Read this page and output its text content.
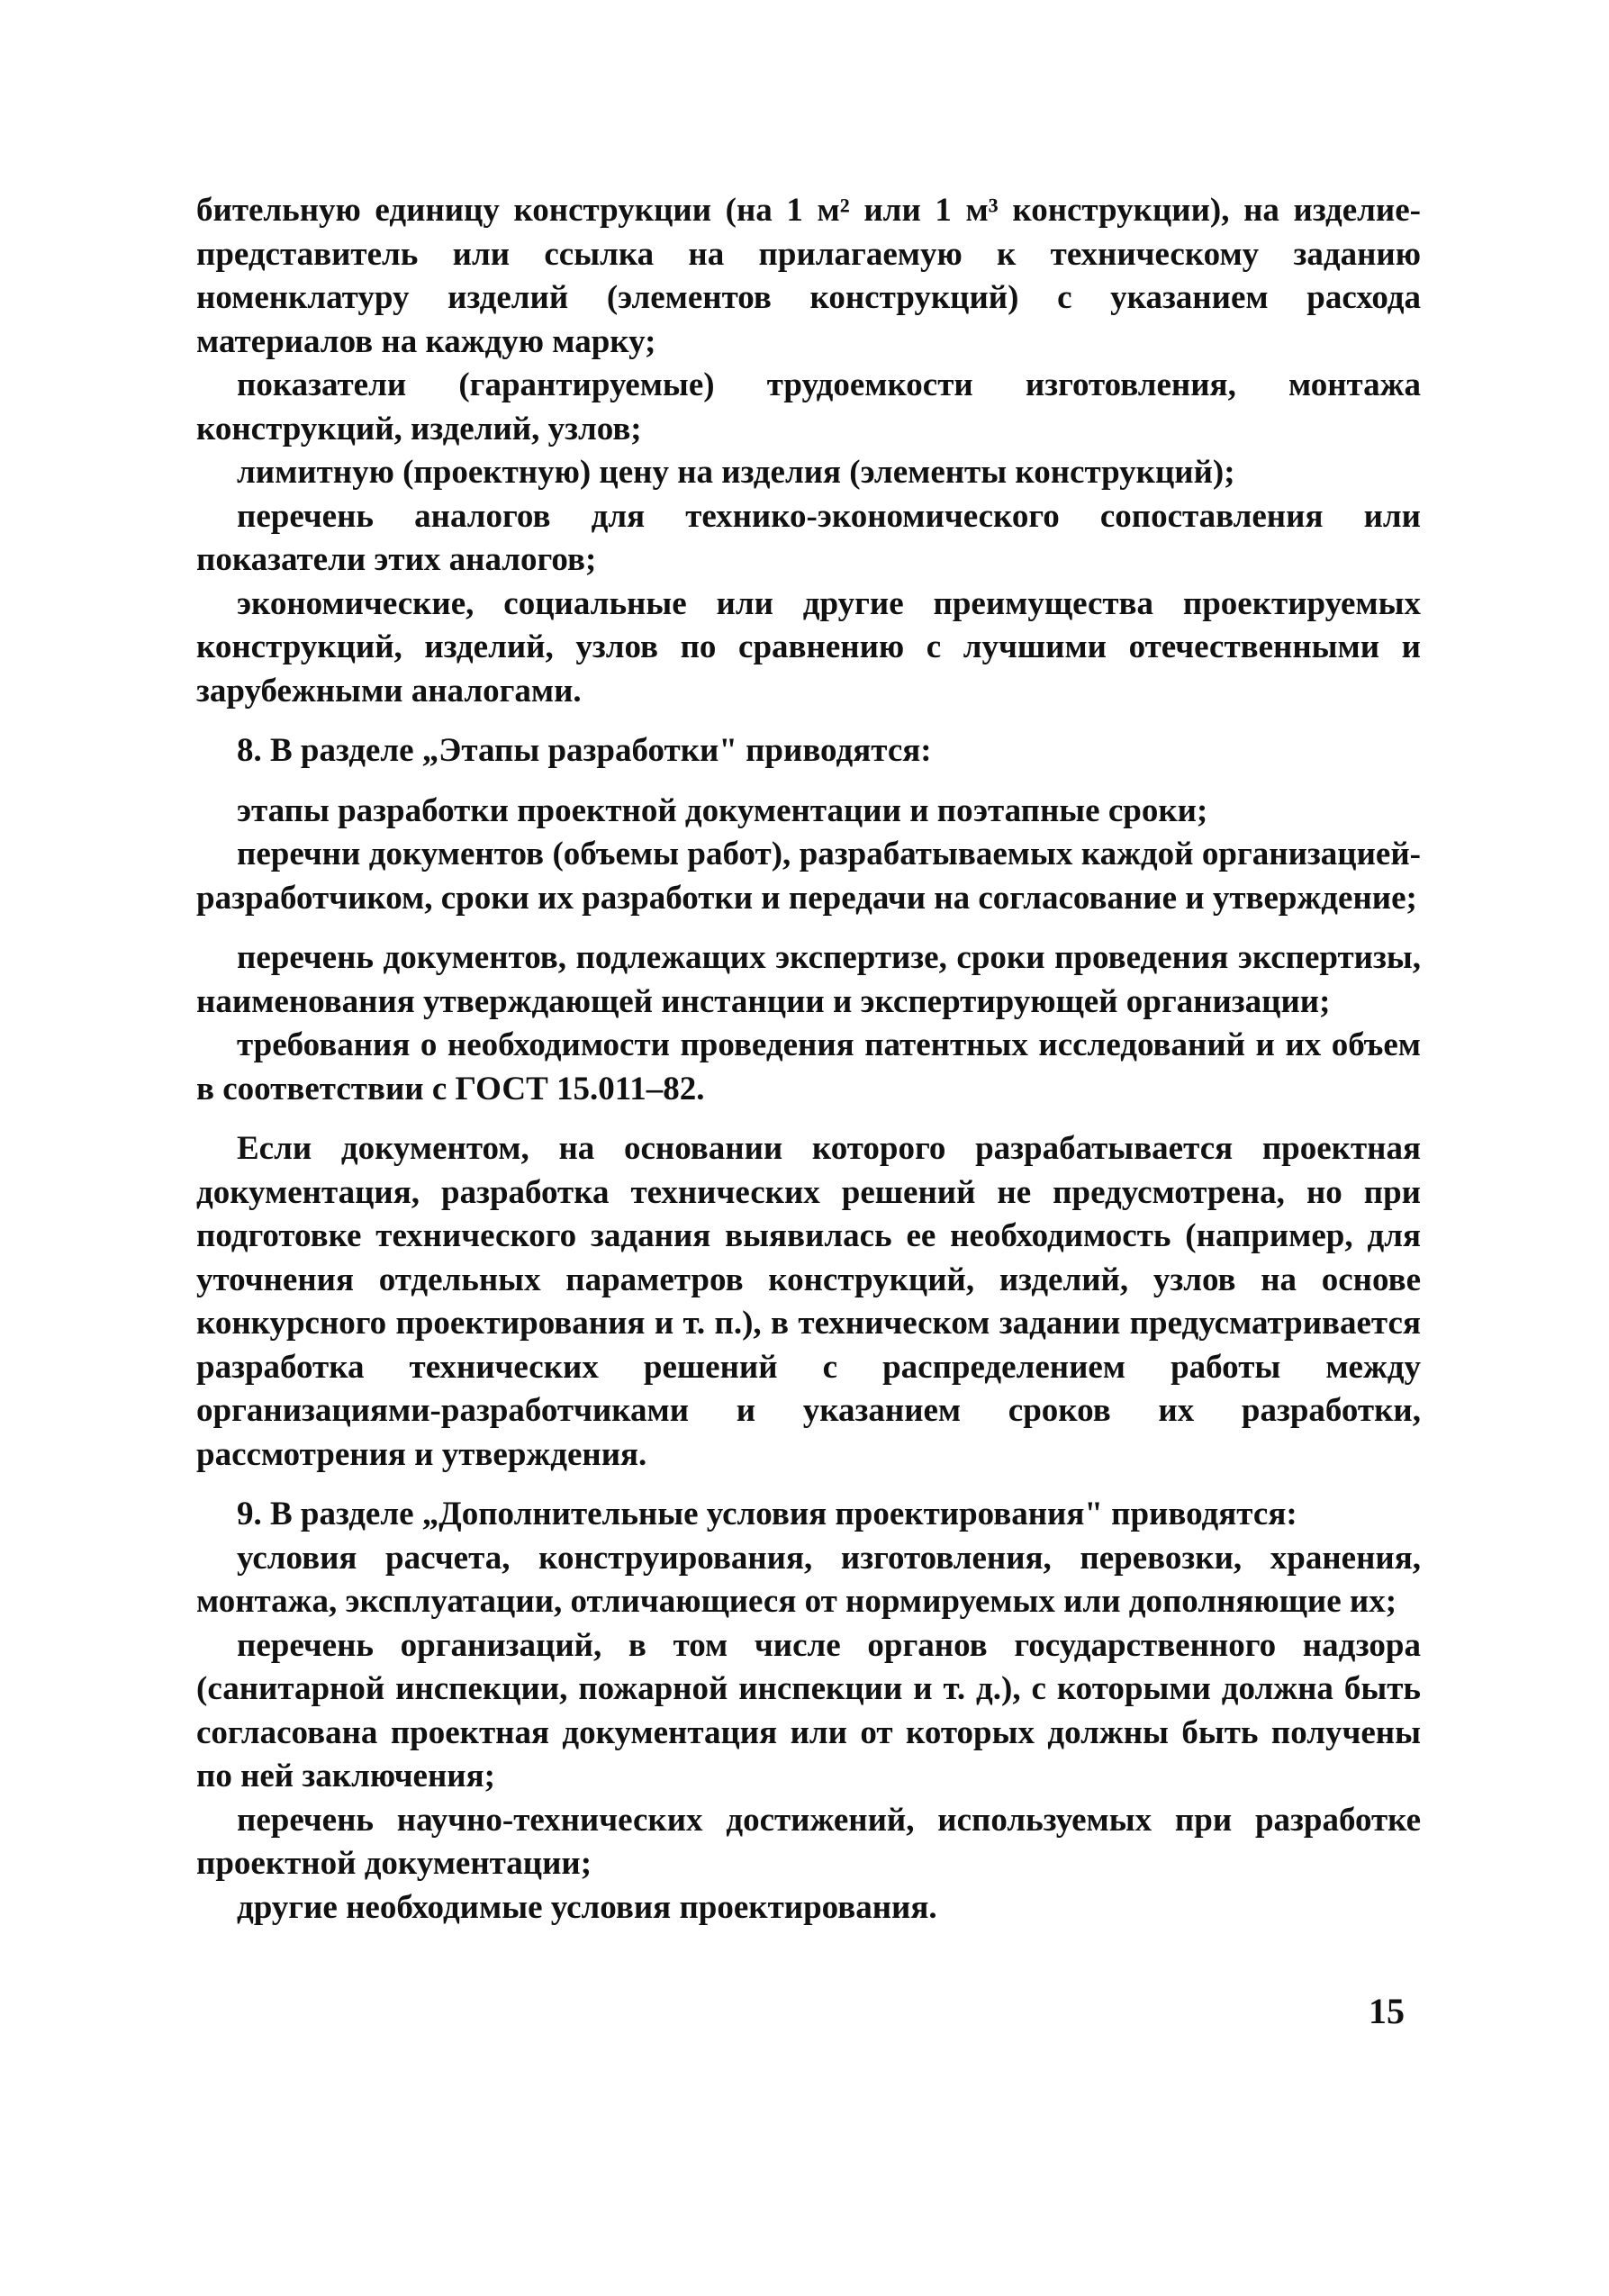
бительную единицу конструкции (на 1 м² или 1 м³ конструкции), на изделие-представитель или ссылка на прилагаемую к техническому заданию номенклатуру изделий (элементов конструкций) с указанием расхода материалов на каждую марку;

показатели (гарантируемые) трудоемкости изготовления, монтажа конструкций, изделий, узлов;

лимитную (проектную) цену на изделия (элементы конструкций);

перечень аналогов для технико-экономического сопоставления или показатели этих аналогов;

экономические, социальные или другие преимущества проектируемых конструкций, изделий, узлов по сравнению с лучшими отечественными и зарубежными аналогами.

8. В разделе „Этапы разработки" приводятся:

этапы разработки проектной документации и поэтапные сроки;

перечни документов (объемы работ), разрабатываемых каждой организацией-разработчиком, сроки их разработки и передачи на согласование и утверждение;

перечень документов, подлежащих экспертизе, сроки проведения экспертизы, наименования утверждающей инстанции и экспертирующей организации;

требования о необходимости проведения патентных исследований и их объем в соответствии с ГОСТ 15.011–82.

Если документом, на основании которого разрабатывается проектная документация, разработка технических решений не предусмотрена, но при подготовке технического задания выявилась ее необходимость (например, для уточнения отдельных параметров конструкций, изделий, узлов на основе конкурсного проектирования и т. п.), в техническом задании предусматривается разработка технических решений с распределением работы между организациями-разработчиками и указанием сроков их разработки, рассмотрения и утверждения.

9. В разделе „Дополнительные условия проектирования" приводятся:

условия расчета, конструирования, изготовления, перевозки, хранения, монтажа, эксплуатации, отличающиеся от нормируемых или дополняющие их;

перечень организаций, в том числе органов государственного надзора (санитарной инспекции, пожарной инспекции и т. д.), с которыми должна быть согласована проектная документация или от которых должны быть получены по ней заключения;

перечень научно-технических достижений, используемых при разработке проектной документации;

другие необходимые условия проектирования.

15
